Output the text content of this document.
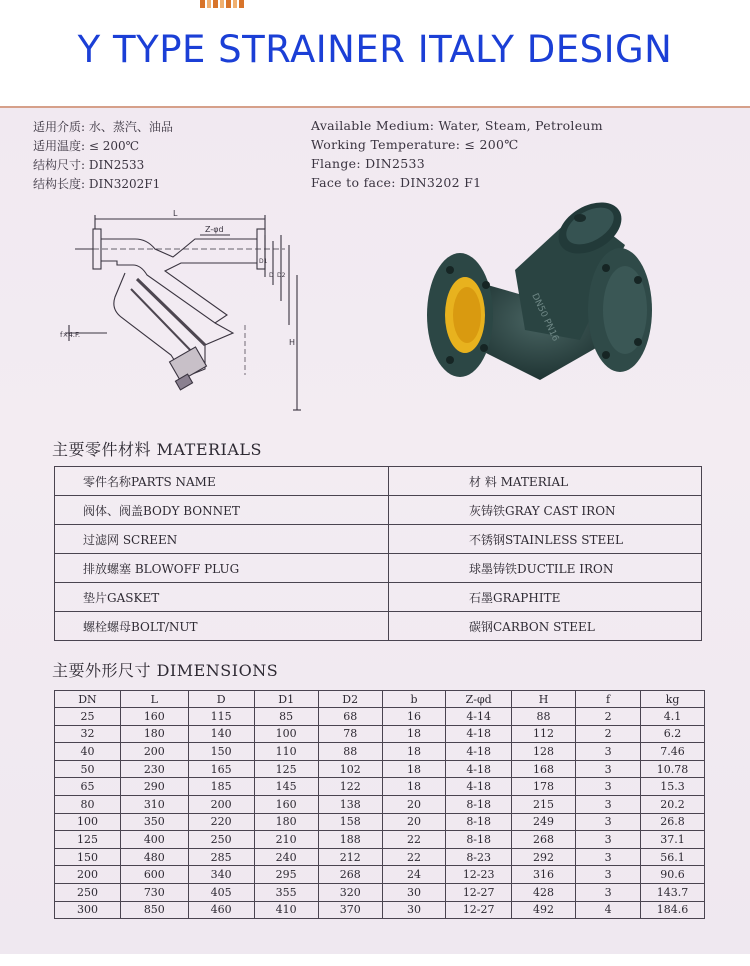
Y TYPE STRAINER ITALY DESIGN
适用介质: 水、蒸汽、油品
适用温度: ≤ 200℃
结构尺寸: DIN2533
结构长度: DIN3202F1
Available Medium: Water, Steam, Petroleum
Working Temperature: ≤ 200℃
Flange: DIN2533
Face to face: DIN3202 F1
L
Z-φd
D1
D D2
H
f×4.F.	DN50 PN16
主要零件材料 MATERIALS
零件名称PARTS NAME	材 料 MATERIAL
阀体、阀盖BODY BONNET	灰铸铁GRAY CAST IRON
过滤网 SCREEN	不锈钢STAINLESS STEEL
排放螺塞 BLOWOFF PLUG	球墨铸铁DUCTILE IRON
垫片GASKET	石墨GRAPHITE
螺栓螺母BOLT/NUT	碳钢CARBON STEEL
主要外形尺寸 DIMENSIONS
DN	L	D	D1	D2	b	Z-φd	H	f	kg
25	160	115	85	68	16	4-14	88	2	4.1
32	180	140	100	78	18	4-18	112	2	6.2
40	200	150	110	88	18	4-18	128	3	7.46
50	230	165	125	102	18	4-18	168	3	10.78
65	290	185	145	122	18	4-18	178	3	15.3
80	310	200	160	138	20	8-18	215	3	20.2
100	350	220	180	158	20	8-18	249	3	26.8
125	400	250	210	188	22	8-18	268	3	37.1
150	480	285	240	212	22	8-23	292	3	56.1
200	600	340	295	268	24	12-23	316	3	90.6
250	730	405	355	320	30	12-27	428	3	143.7
300	850	460	410	370	30	12-27	492	4	184.6
